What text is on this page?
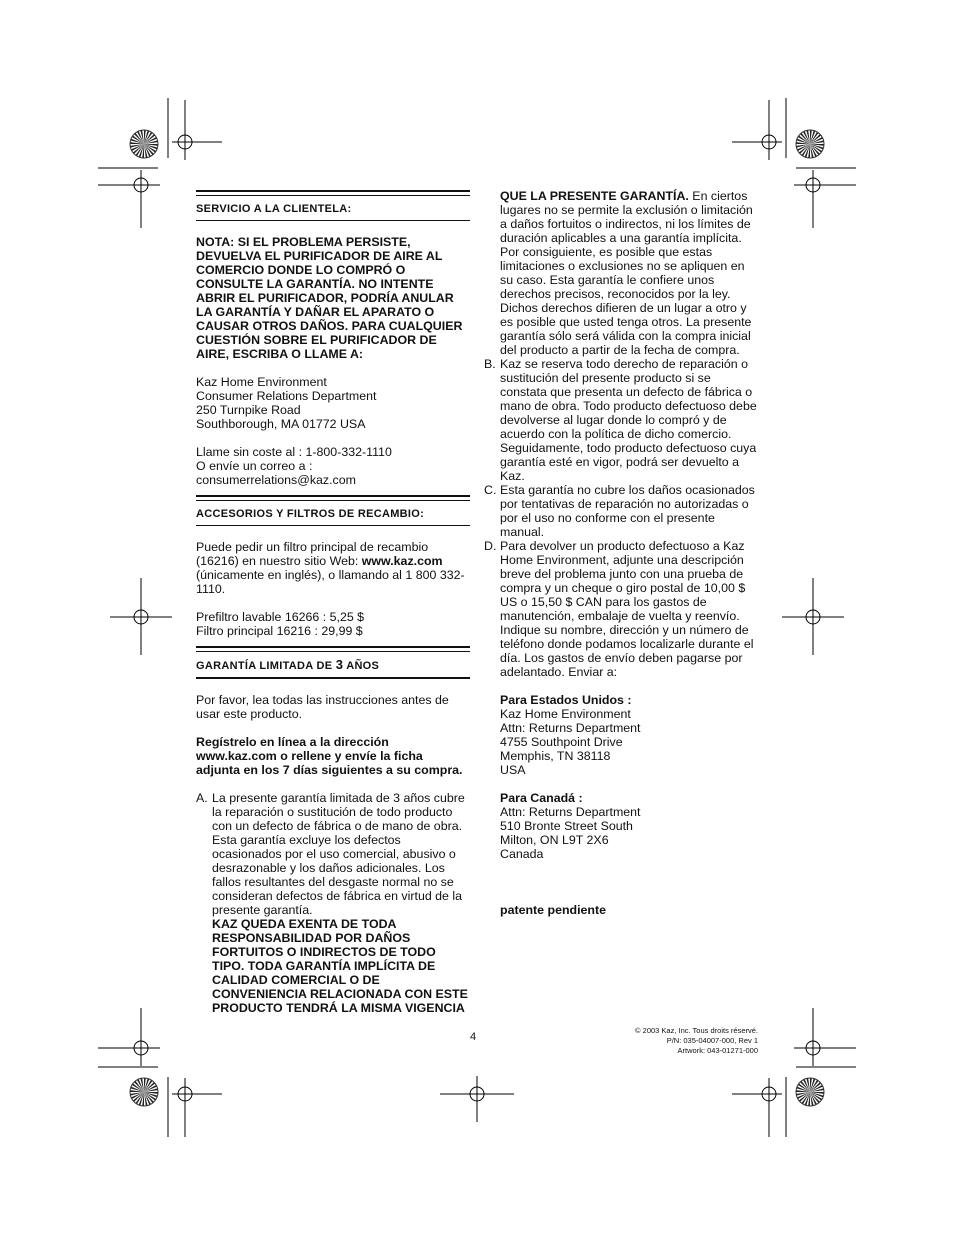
SERVICIO A LA CLIENTELA:

NOTA: SI EL PROBLEMA PERSISTE, DEVUELVA EL PURIFICADOR DE AIRE AL COMERCIO DONDE LO COMPRÓ O CONSULTE LA GARANTÍA. NO INTENTE ABRIR EL PURIFICADOR, PODRÍA ANULAR LA GARANTÍA Y DAÑAR EL APARATO O CAUSAR OTROS DAÑOS. PARA CUALQUIER CUESTIÓN SOBRE EL PURIFICADOR DE AIRE, ESCRIBA O LLAME A:

Kaz Home Environment
Consumer Relations Department
250 Turnpike Road
Southborough, MA 01772 USA
Llame sin coste al : 1-800-332-1110
O envíe un correo a :
consumerrelations@kaz.com
ACCESORIOS Y FILTROS DE RECAMBIO:

Puede pedir un filtro principal de recambio (16216) en nuestro sitio Web: www.kaz.com (únicamente en inglés), o llamando al 1 800 332-1110.

Prefiltro lavable 16266 : 5,25 $
Filtro principal 16216 : 29,99 $
GARANTÍA LIMITADA DE 3 AÑOS

Por favor, lea todas las instrucciones antes de usar este producto.

Regístrelo en línea a la dirección www.kaz.com o rellene y envíe la ficha adjunta en los 7 días siguientes a su compra.

A. La presente garantía limitada de 3 años cubre la reparación o sustitución de todo producto con un defecto de fábrica o de mano de obra. Esta garantía excluye los defectos ocasionados por el uso comercial, abusivo o desrazonable y los daños adicionales. Los fallos resultantes del desgaste normal no se consideran defectos de fábrica en virtud de la presente garantía.

KAZ QUEDA EXENTA DE TODA RESPONSABILIDAD POR DAÑOS FORTUITOS O INDIRECTOS DE TODO TIPO. TODA GARANTÍA IMPLÍCITA DE CALIDAD COMERCIAL O DE CONVENIENCIA RELACIONADA CON ESTE PRODUCTO TENDRÁ LA MISMA VIGENCIA

QUE LA PRESENTE GARANTÍA. En ciertos lugares no se permite la exclusión o limitación a daños fortuitos o indirectos, ni los límites de duración aplicables a una garantía implícita. Por consiguiente, es posible que estas limitaciones o exclusiones no se apliquen en su caso. Esta garantía le confiere unos derechos precisos, reconocidos por la ley. Dichos derechos difieren de un lugar a otro y es posible que usted tenga otros. La presente garantía sólo será válida con la compra inicial del producto a partir de la fecha de compra.

B. Kaz se reserva todo derecho de reparación o sustitución del presente producto si se constata que presenta un defecto de fábrica o mano de obra. Todo producto defectuoso debe devolverse al lugar donde lo compró y de acuerdo con la política de dicho comercio. Seguidamente, todo producto defectuoso cuya garantía esté en vigor, podrá ser devuelto a Kaz.
C. Esta garantía no cubre los daños ocasionados por tentativas de reparación no autorizadas o por el uso no conforme con el presente manual.
D. Para devolver un producto defectuoso a Kaz Home Environment, adjunte una descripción breve del problema junto con una prueba de compra y un cheque o giro postal de 10,00 $ US o 15,50 $ CAN para los gastos de manutención, embalaje de vuelta y reenvío. Indique su nombre, dirección y un número de teléfono donde podamos localizarle durante el día. Los gastos de envío deben pagarse por adelantado. Enviar a:
Para Estados Unidos :
Kaz Home Environment
Attn: Returns Department
4755 Southpoint Drive
Memphis, TN 38118
USA
Para Canadá :
Attn: Returns Department
510 Bronte Street South
Milton, ON L9T 2X6
Canada
patente pendiente
4
© 2003 Kaz, Inc. Tous droits réservé.
P/N: 035-04007-000, Rev 1
Artwork: 043-01271-000
